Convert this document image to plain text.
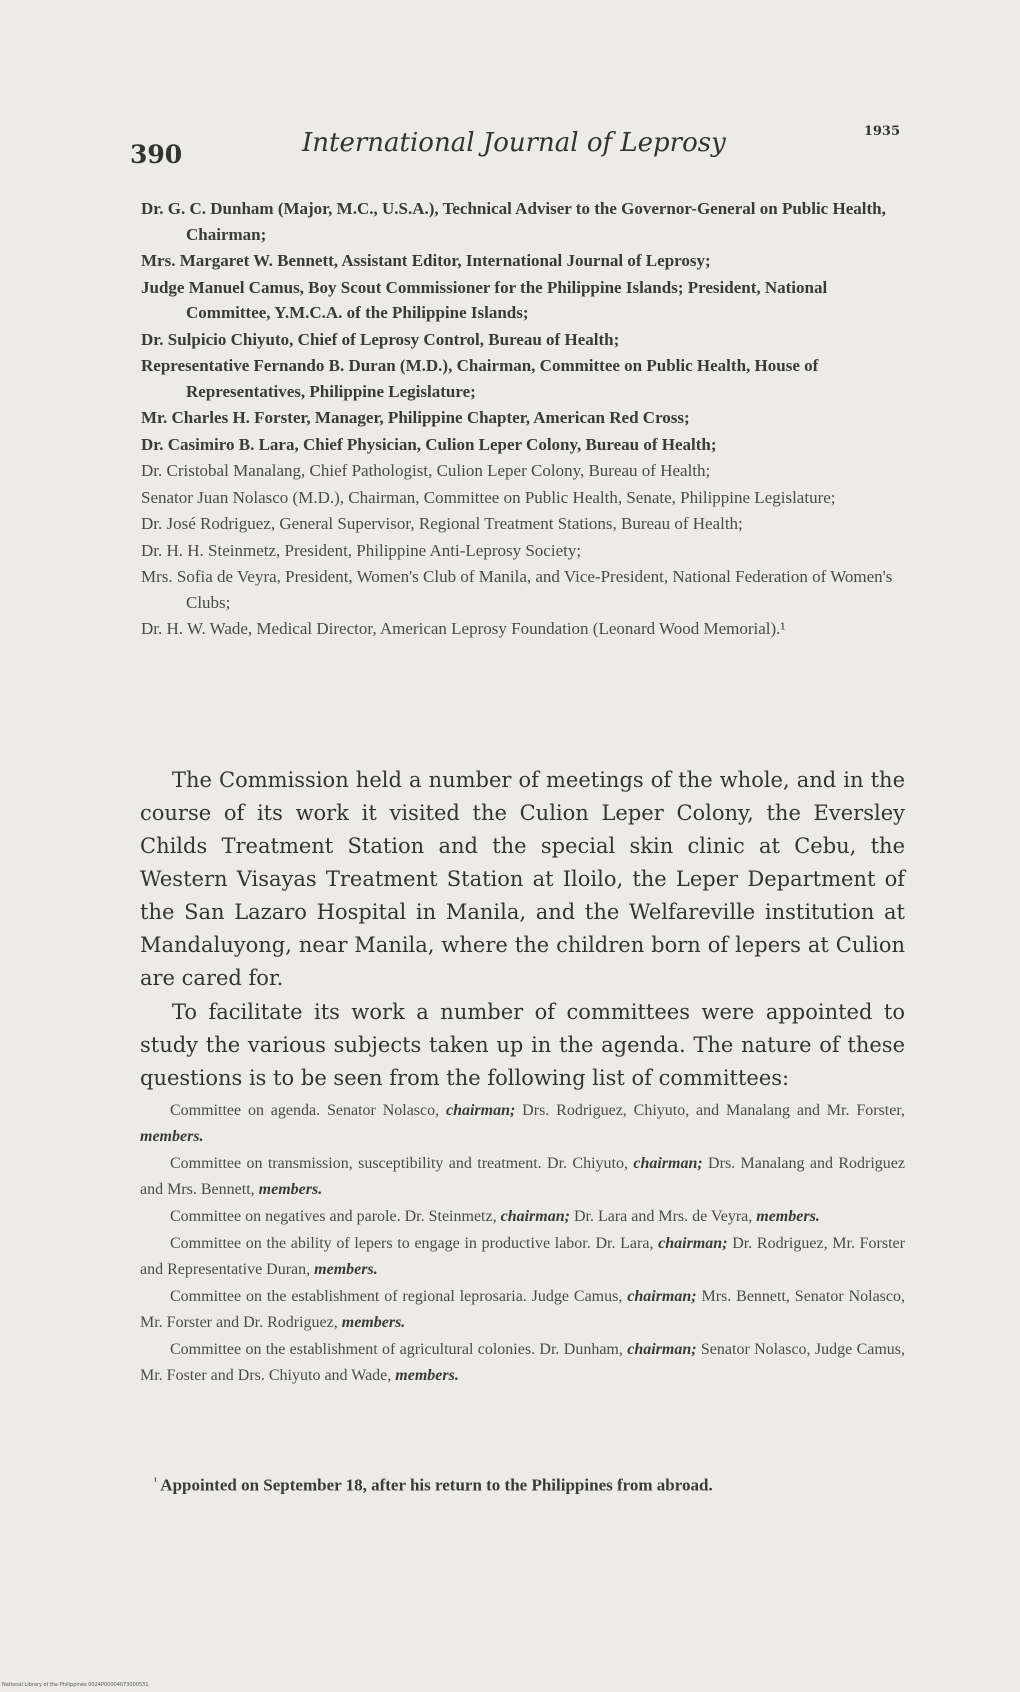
390	International Journal of Leprosy	1935

Dr. G. C. Dunham (Major, M.C., U.S.A.), Technical Adviser to the Governor-General on Public Health, Chairman;

Mrs. Margaret W. Bennett, Assistant Editor, International Journal of Leprosy;

Judge Manuel Camus, Boy Scout Commissioner for the Philippine Islands; President, National Committee, Y.M.C.A. of the Philippine Islands;

Dr. Sulpicio Chiyuto, Chief of Leprosy Control, Bureau of Health;

Representative Fernando B. Duran (M.D.), Chairman, Committee on Public Health, House of Representatives, Philippine Legislature;

Mr. Charles H. Forster, Manager, Philippine Chapter, American Red Cross;

Dr. Casimiro B. Lara, Chief Physician, Culion Leper Colony, Bureau of Health;

Dr. Cristobal Manalang, Chief Pathologist, Culion Leper Colony, Bureau of Health;

Senator Juan Nolasco (M.D.), Chairman, Committee on Public Health, Senate, Philippine Legislature;

Dr. José Rodriguez, General Supervisor, Regional Treatment Stations, Bureau of Health;

Dr. H. H. Steinmetz, President, Philippine Anti-Leprosy Society;

Mrs. Sofia de Veyra, President, Women's Club of Manila, and Vice-President, National Federation of Women's Clubs;

Dr. H. W. Wade, Medical Director, American Leprosy Foundation (Leonard Wood Memorial).¹

The Commission held a number of meetings of the whole, and in the course of its work it visited the Culion Leper Colony, the Eversley Childs Treatment Station and the special skin clinic at Cebu, the Western Visayas Treatment Station at Iloilo, the Leper Department of the San Lazaro Hospital in Manila, and the Welfareville institution at Mandaluyong, near Manila, where the children born of lepers at Culion are cared for.

To facilitate its work a number of committees were appointed to study the various subjects taken up in the agenda. The nature of these questions is to be seen from the following list of committees:

Committee on agenda. Senator Nolasco, chairman; Drs. Rodriguez, Chiyuto, and Manalang and Mr. Forster, members.

Committee on transmission, susceptibility and treatment. Dr. Chiyuto, chairman; Drs. Manalang and Rodriguez and Mrs. Bennett, members.

Committee on negatives and parole. Dr. Steinmetz, chairman; Dr. Lara and Mrs. de Veyra, members.

Committee on the ability of lepers to engage in productive labor. Dr. Lara, chairman; Dr. Rodriguez, Mr. Forster and Representative Duran, members.

Committee on the establishment of regional leprosaria. Judge Camus, chairman; Mrs. Bennett, Senator Nolasco, Mr. Forster and Dr. Rodriguez, members.

Committee on the establishment of agricultural colonies. Dr. Dunham, chairman; Senator Nolasco, Judge Camus, Mr. Foster and Drs. Chiyuto and Wade, members.

$^{^1}$ Appointed on September 18, after his return to the Philippines from abroad.

National Library of the Philippines 0024P00004073000531
